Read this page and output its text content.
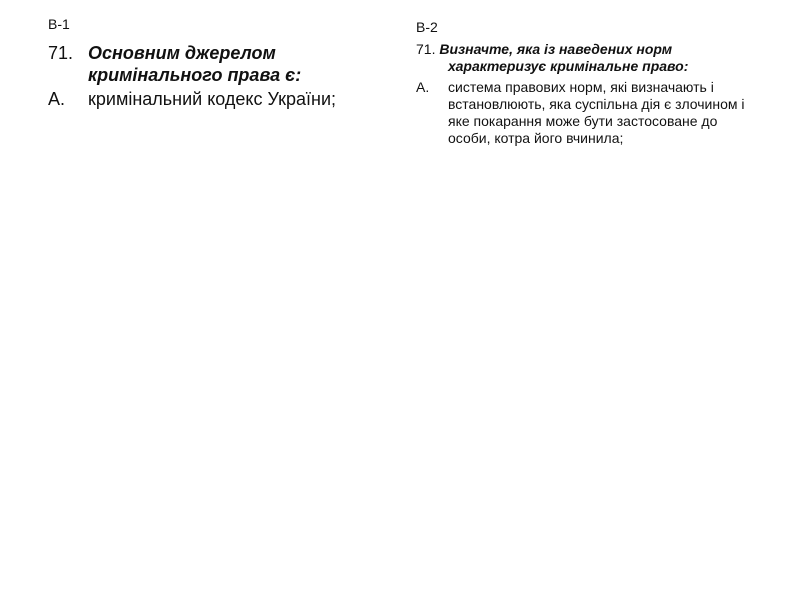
В-1
71. Основним джерелом
кримінального права є:
А. кримінальний кодекс України;
В-2
71. Визначте, яка із наведених норм
характеризує кримінальне право:
А.	система правових норм, які визначають і встановлюють, яка суспільна дія є злочином і яке покарання може бути застосоване до особи, котра його вчинила;
